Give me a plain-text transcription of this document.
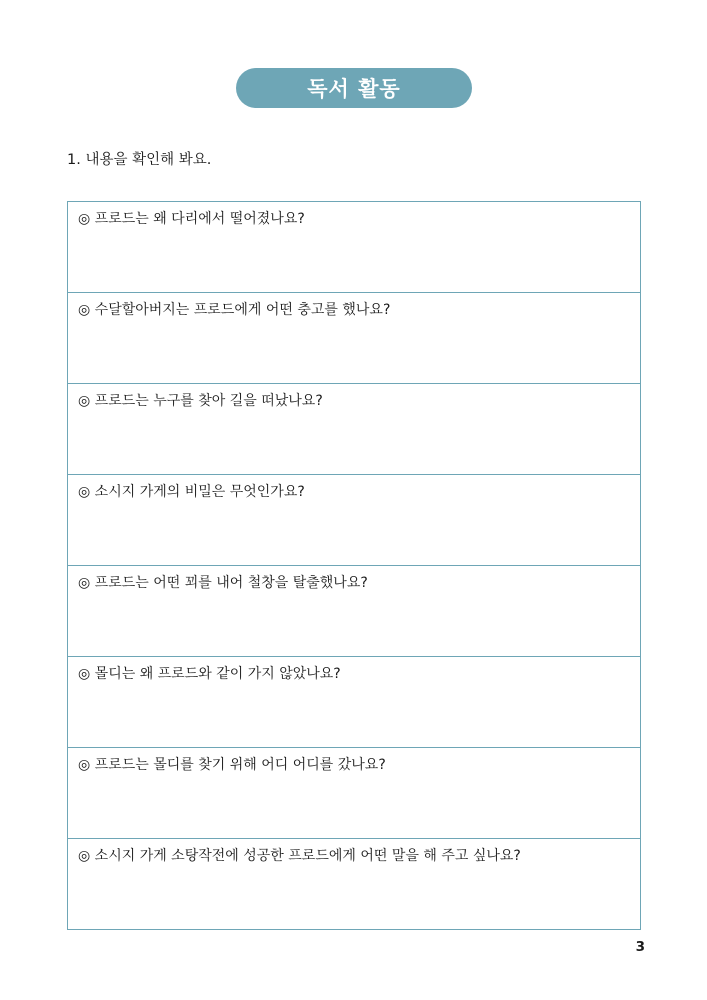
독서 활동
1. 내용을 확인해 봐요.
◎ 프로드는 왜 다리에서 떨어졌나요?
◎ 수달할아버지는 프로드에게 어떤 충고를 했나요?
◎ 프로드는 누구를 찾아 길을 떠났나요?
◎ 소시지 가게의 비밀은 무엇인가요?
◎ 프로드는 어떤 꾀를 내어 철창을 탈출했나요?
◎ 몰디는 왜 프로드와 같이 가지 않았나요?
◎ 프로드는 몰디를 찾기 위해 어디 어디를 갔나요?
◎ 소시지 가게 소탕작전에 성공한 프로드에게 어떤 말을 해 주고 싶나요?
3
